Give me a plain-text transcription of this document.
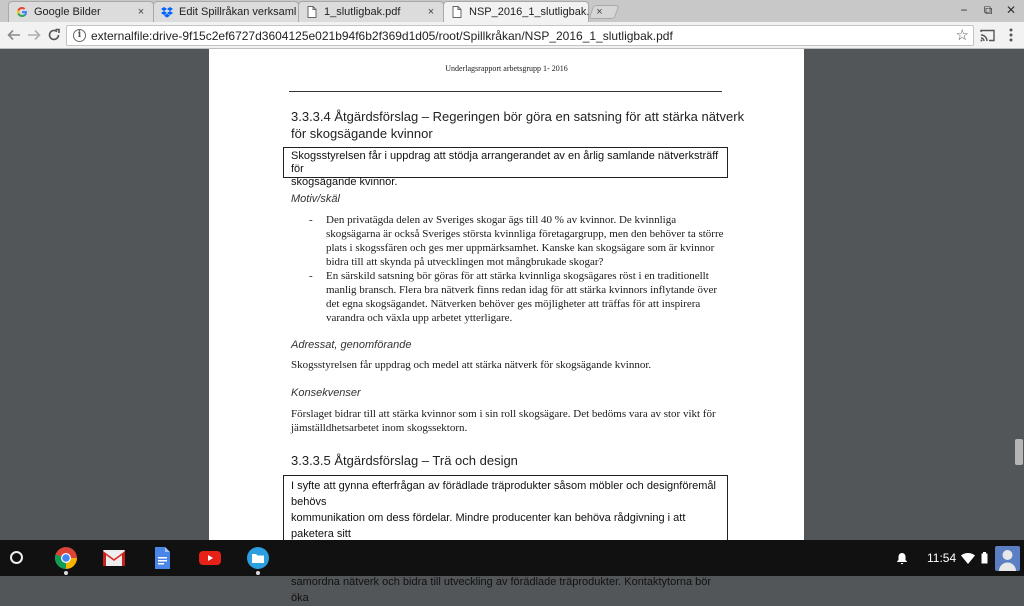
Google Bilder	×	Edit Spillråkan verksaml	1_slutligbak.pdf	×	NSP_2016_1_slutligbak. ×	−	⧉	✕
i externalfile:drive-9f15c2ef6727d3604125e021b94f6b2f369d1d05/root/Spillkråkan/NSP_2016_1_slutligbak.pdf	☆
Underlagsrapport arbetsgrupp 1- 2016
3.3.3.4 Åtgärdsförslag – Regeringen bör göra en satsning för att stärka nätverk
för skogsägande kvinnor
Skogsstyrelsen får i uppdrag att stödja arrangerandet av en årlig samlande nätverksträff för
skogsägande kvinnor.
Motiv/skäl
- Den privatägda delen av Sveriges skogar ägs till 40 % av kvinnor. De kvinnliga skogsägarna är också Sveriges största kvinnliga företagargrupp, men den behöver ta större plats i skogssfären och ges mer uppmärksamhet. Kanske kan skogsägare som är kvinnor bidra till att skynda på utvecklingen mot mångbrukade skogar?
- En särskild satsning bör göras för att stärka kvinnliga skogsägares röst i en traditionellt manlig bransch. Flera bra nätverk finns redan idag för att stärka kvinnors inflytande över det egna skogsägandet. Nätverken behöver ges möjligheter att träffas för att inspirera varandra och växla upp arbetet ytterligare.
Adressat, genomförande
Skogsstyrelsen får uppdrag och medel att stärka nätverk för skogsägande kvinnor.
Konsekvenser
Förslaget bidrar till att stärka kvinnor som i sin roll skogsägare. Det bedöms vara av stor vikt för jämställdhetsarbetet inom skogssektorn.
3.3.3.5 Åtgärdsförslag – Trä och design
I syfte att gynna efterfrågan av förädlade träprodukter såsom möbler och designföremål behövs
kommunikation om dess fördelar. Mindre producenter kan behöva rådgivning i att paketera sitt
samordna nätverk och bidra till utveckling av förädlade träprodukter. Kontaktytorna bör öka
11:54
